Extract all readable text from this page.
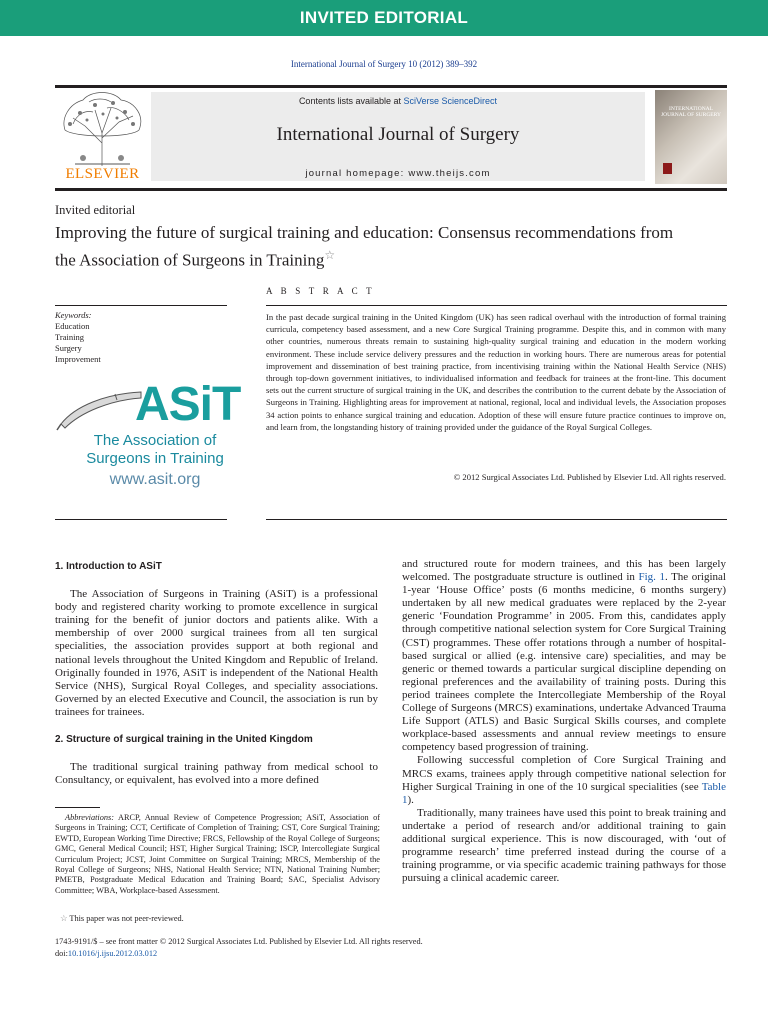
INVITED EDITORIAL
International Journal of Surgery 10 (2012) 389–392
ELSEVIER
Contents lists available at SciVerse ScienceDirect
International Journal of Surgery
journal homepage: www.theijs.com
INTERNATIONAL JOURNAL OF SURGERY
Invited editorial
Improving the future of surgical training and education: Consensus recommendations from the Association of Surgeons in Training☆
A B S T R A C T
Keywords:
Education
Training
Surgery
Improvement

In the past decade surgical training in the United Kingdom (UK) has seen radical overhaul with the introduction of formal training curricula, competency based assessment, and a new Core Surgical Training programme. Despite this, and in common with many other countries, numerous threats remain to sustaining high-quality surgical training and education in the modern working environment. These include service delivery pressures and the reduction in working hours. There are numerous areas for potential improvement and dissemination of best training practice, from incentivising training within the National Health Service (NHS) through top-down government initiatives, to individualised information and feedback for trainees at the front-line. This document sets out the current structure of surgical training in the UK, and describes the contribution to the current debate by the Association of Surgeons in Training. Highlighting areas for improvement at national, regional, local and individual levels, the Association proposes 34 action points to enhance surgical training and education. Adoption of these will ensure future practice continues to improve on, and learn from, the longstanding history of training provided under the guidance of the Royal Surgical Colleges.

© 2012 Surgical Associates Ltd. Published by Elsevier Ltd. All rights reserved.
ASiT
The Association of
Surgeons in Training
www.asit.org
1. Introduction to ASiT

The Association of Surgeons in Training (ASiT) is a professional body and registered charity working to promote excellence in surgical training for the benefit of junior doctors and patients alike. With a membership of over 2000 surgical trainees from all ten surgical specialities, the association provides support at both regional and national levels throughout the United Kingdom and Republic of Ireland. Originally founded in 1976, ASiT is independent of the National Health Service (NHS), Surgical Royal Colleges, and speciality associations. Governed by an elected Executive and Council, the association is run by trainees for trainees.

2. Structure of surgical training in the United Kingdom

The traditional surgical training pathway from medical school to Consultancy, or equivalent, has evolved into a more defined

Abbreviations: ARCP, Annual Review of Competence Progression; ASiT, Association of Surgeons in Training; CCT, Certificate of Completion of Training; CST, Core Surgical Training; EWTD, European Working Time Directive; FRCS, Fellowship of the Royal College of Surgeons; GMC, General Medical Council; HST, Higher Surgical Training; ISCP, Intercollegiate Surgical Curriculum Project; JCST, Joint Committee on Surgical Training; MRCS, Membership of the Royal College of Surgeons; NHS, National Health Service; NTN, National Training Number; PMETB, Postgraduate Medical Education and Training Board; SAC, Specialist Advisory Committee; WBA, Workplace-based Assessment.

☆ This paper was not peer-reviewed.

and structured route for modern trainees, and this has been largely welcomed. The postgraduate structure is outlined in Fig. 1. The original 1-year ‘House Office’ posts (6 months medicine, 6 months surgery) undertaken by all new medical graduates were replaced by the 2-year generic ‘Foundation Programme’ in 2005. From this, candidates apply through competitive national selection system for Core Surgical Training (CST) programmes. These offer rotations through a number of hospital-based surgical or allied (e.g. intensive care) specialities, and may be generic or themed towards a particular surgical discipline depending on regional preferences and the availability of training posts. During this period trainees complete the Intercollegiate Membership of the Royal College of Surgeons (MRCS) examinations, undertake Advanced Trauma Life Support (ATLS) and Basic Surgical Skills courses, and complete workplace-based assessments and annual review meetings to ensure competency based progression of training.

Following successful completion of Core Surgical Training and MRCS exams, trainees apply through competitive national selection for Higher Surgical Training in one of the 10 surgical specialities (see Table 1).

Traditionally, many trainees have used this point to break training and undertake a period of research and/or additional training to gain additional surgical experience. This is now discouraged, with ‘out of programme research’ time preferred instead during the course of a training programme, or via specific academic training pathways for those pursuing a clinical academic career.

1743-9191/$ – see front matter © 2012 Surgical Associates Ltd. Published by Elsevier Ltd. All rights reserved.
doi:10.1016/j.ijsu.2012.03.012
